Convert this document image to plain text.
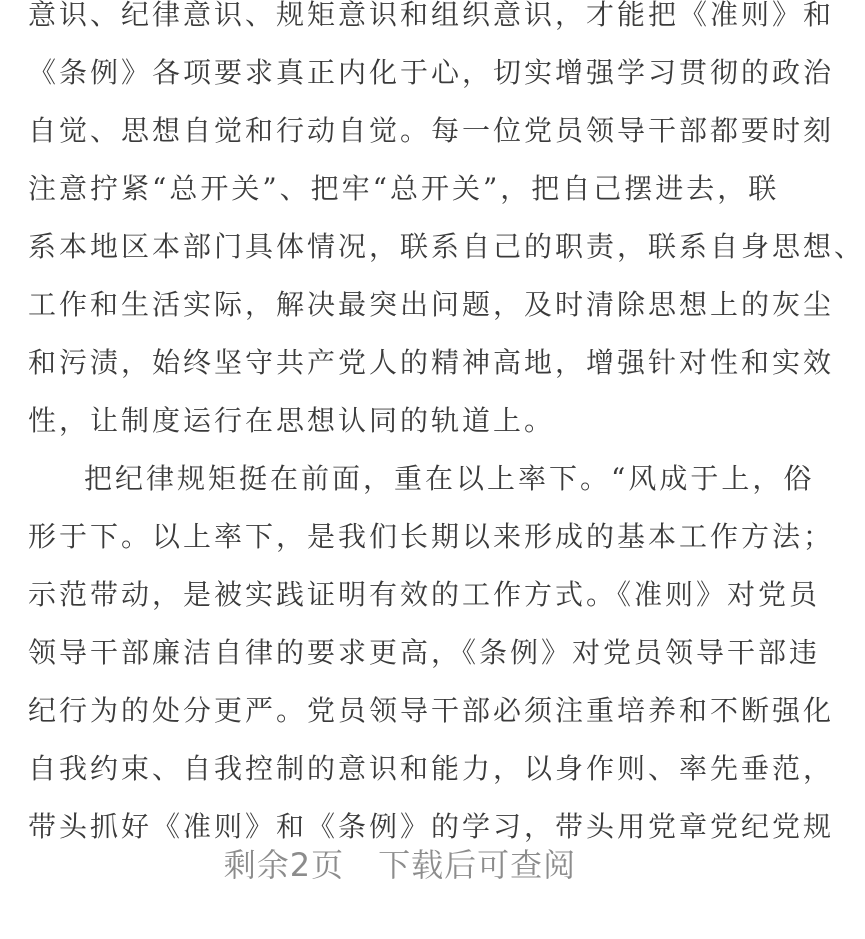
意识、纪律意识、规矩意识和组织意识，才能把《准则》和
《条例》各项要求真正内化于心，切实增强学习贯彻的政治
自觉、思想自觉和行动自觉。每一位党员领导干部都要时刻
注意拧紧“总开关”、把牢“总开关”，把自己摆进去，联
系本地区本部门具体情况，联系自己的职责，联系自身思想、
工作和生活实际，解决最突出问题，及时清除思想上的灰尘
和污渍，始终坚守共产党人的精神高地，增强针对性和实效
性，让制度运行在思想认同的轨道上。
把纪律规矩挺在前面，重在以上率下。“风成于上，俗
形于下。以上率下，是我们长期以来形成的基本工作方法；
示范带动，是被实践证明有效的工作方式。《准则》对党员
领导干部廉洁自律的要求更高，《条例》对党员领导干部违
纪行为的处分更严。党员领导干部必须注重培养和不断强化
自我约束、自我控制的意识和能力，以身作则、率先垂范，
带头抓好《准则》和《条例》的学习，带头用党章党纪党规
剩余2页 下载后可查阅
